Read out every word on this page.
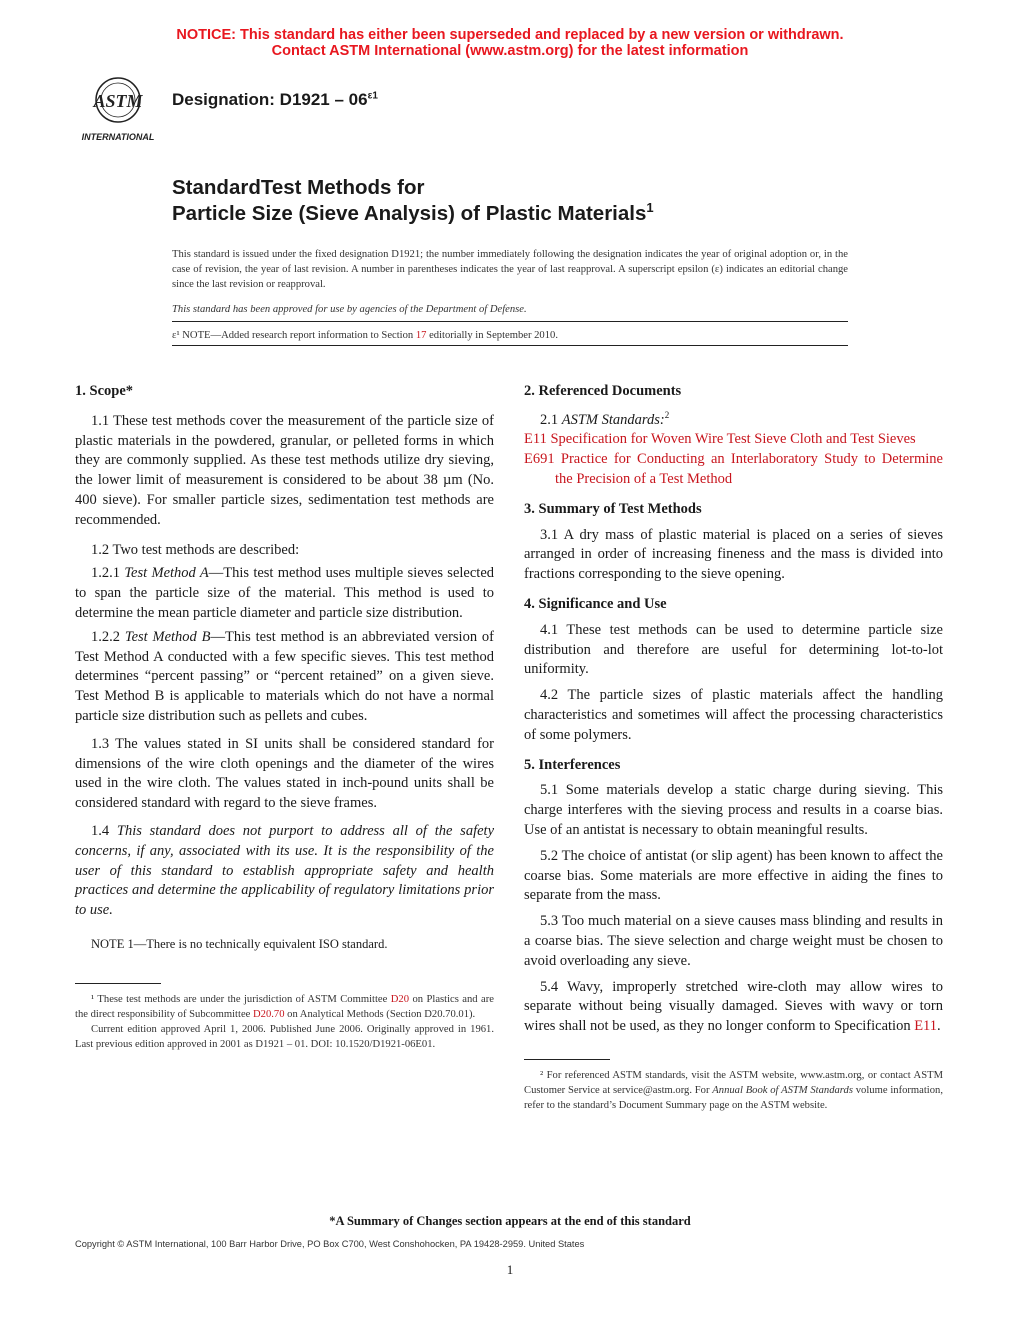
NOTICE: This standard has either been superseded and replaced by a new version or withdrawn.
Contact ASTM International (www.astm.org) for the latest information
ASTM
INTERNATIONAL
Designation: $D1921 - 06^{\varepsilon 1}$
StandardTest Methods for
Particle Size (Sieve Analysis) of Plastic Materials$^1$
This standard is issued under the fixed designation D1921; the number immediately following the designation indicates the year of original adoption or, in the case of revision, the year of last revision. A number in parentheses indicates the year of last reapproval. A superscript epsilon (ε) indicates an editorial change since the last revision or reapproval.
This standard has been approved for use by agencies of the Department of Defense.
ε¹ NOTE—Added research report information to Section 17 editorially in September 2010.
1. Scope*

1.1 These test methods cover the measurement of the particle size of plastic materials in the powdered, granular, or pelleted forms in which they are commonly supplied. As these test methods utilize dry sieving, the lower limit of measurement is considered to be about 38 µm (No. 400 sieve). For smaller particle sizes, sedimentation test methods are recommended.

1.2 Two test methods are described:

1.2.1 Test Method A—This test method uses multiple sieves selected to span the particle size of the material. This method is used to determine the mean particle diameter and particle size distribution.

1.2.2 Test Method B—This test method is an abbreviated version of Test Method A conducted with a few specific sieves. This test method determines “percent passing” or “percent retained” on a given sieve. Test Method B is applicable to materials which do not have a normal particle size distribution such as pellets and cubes.

1.3 The values stated in SI units shall be considered standard for dimensions of the wire cloth openings and the diameter of the wires used in the wire cloth. The values stated in inch-pound units shall be considered standard with regard to the sieve frames.

1.4 This standard does not purport to address all of the safety concerns, if any, associated with its use. It is the responsibility of the user of this standard to establish appropriate safety and health practices and determine the applicability of regulatory limitations prior to use.

NOTE 1—There is no technically equivalent ISO standard.

¹ These test methods are under the jurisdiction of ASTM Committee D20 on Plastics and are the direct responsibility of Subcommittee D20.70 on Analytical Methods (Section D20.70.01).

Current edition approved April 1, 2006. Published June 2006. Originally approved in 1961. Last previous edition approved in 2001 as D1921 – 01. DOI: 10.1520/D1921-06E01.

2. Referenced Documents

2.1 ASTM Standards:$^2$

E11 Specification for Woven Wire Test Sieve Cloth and Test Sieves

E691 Practice for Conducting an Interlaboratory Study to Determine the Precision of a Test Method

3. Summary of Test Methods

3.1 A dry mass of plastic material is placed on a series of sieves arranged in order of increasing fineness and the mass is divided into fractions corresponding to the sieve opening.

4. Significance and Use

4.1 These test methods can be used to determine particle size distribution and therefore are useful for determining lot-to-lot uniformity.

4.2 The particle sizes of plastic materials affect the handling characteristics and sometimes will affect the processing characteristics of some polymers.

5. Interferences

5.1 Some materials develop a static charge during sieving. This charge interferes with the sieving process and results in a coarse bias. Use of an antistat is necessary to obtain meaningful results.

5.2 The choice of antistat (or slip agent) has been known to affect the coarse bias. Some materials are more effective in aiding the fines to separate from the mass.

5.3 Too much material on a sieve causes mass blinding and results in a coarse bias. The sieve selection and charge weight must be chosen to avoid overloading any sieve.

5.4 Wavy, improperly stretched wire-cloth may allow wires to separate without being visually damaged. Sieves with wavy or torn wires shall not be used, as they no longer conform to Specification E11.

² For referenced ASTM standards, visit the ASTM website, www.astm.org, or contact ASTM Customer Service at service@astm.org. For Annual Book of ASTM Standards volume information, refer to the standard’s Document Summary page on the ASTM website.

*A Summary of Changes section appears at the end of this standard
Copyright © ASTM International, 100 Barr Harbor Drive, PO Box C700, West Conshohocken, PA 19428-2959. United States
1
